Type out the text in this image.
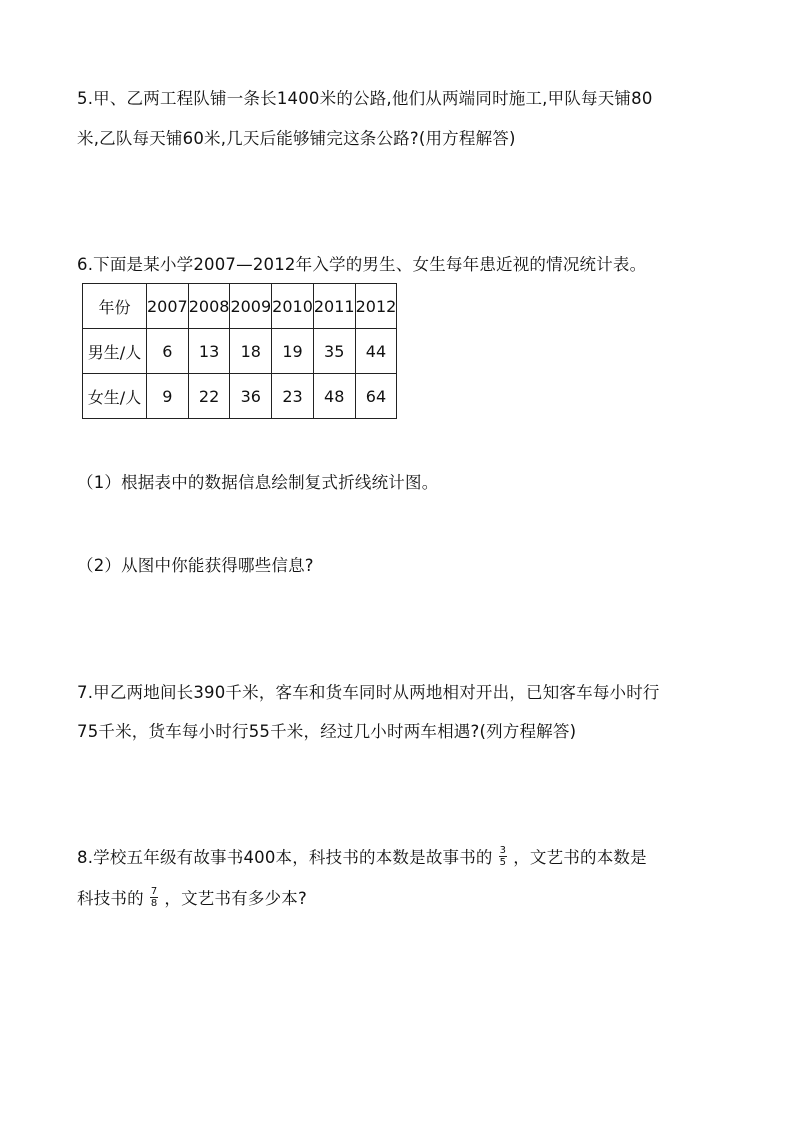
5.甲、乙两工程队铺一条长1400米的公路,他们从两端同时施工,甲队每天铺80
米,乙队每天铺60米,几天后能够铺完这条公路?(用方程解答)
6.下面是某小学2007—2012年入学的男生、女生每年患近视的情况统计表。
年份	2007	2008	2009	2010	2011	2012
男生/人	6	13	18	19	35	44
女生/人	9	22	36	23	48	64
（1）根据表中的数据信息绘制复式折线统计图。
（2）从图中你能获得哪些信息?
7.甲乙两地间长390千米，客车和货车同时从两地相对开出，已知客车每小时行
75千米，货车每小时行55千米，经过几小时两车相遇?(列方程解答)
8.学校五年级有故事书400本，科技书的本数是故事书的 $\frac{3}{5}$ ，文艺书的本数是
科技书的 $\frac{7}{8}$ ，文艺书有多少本?
